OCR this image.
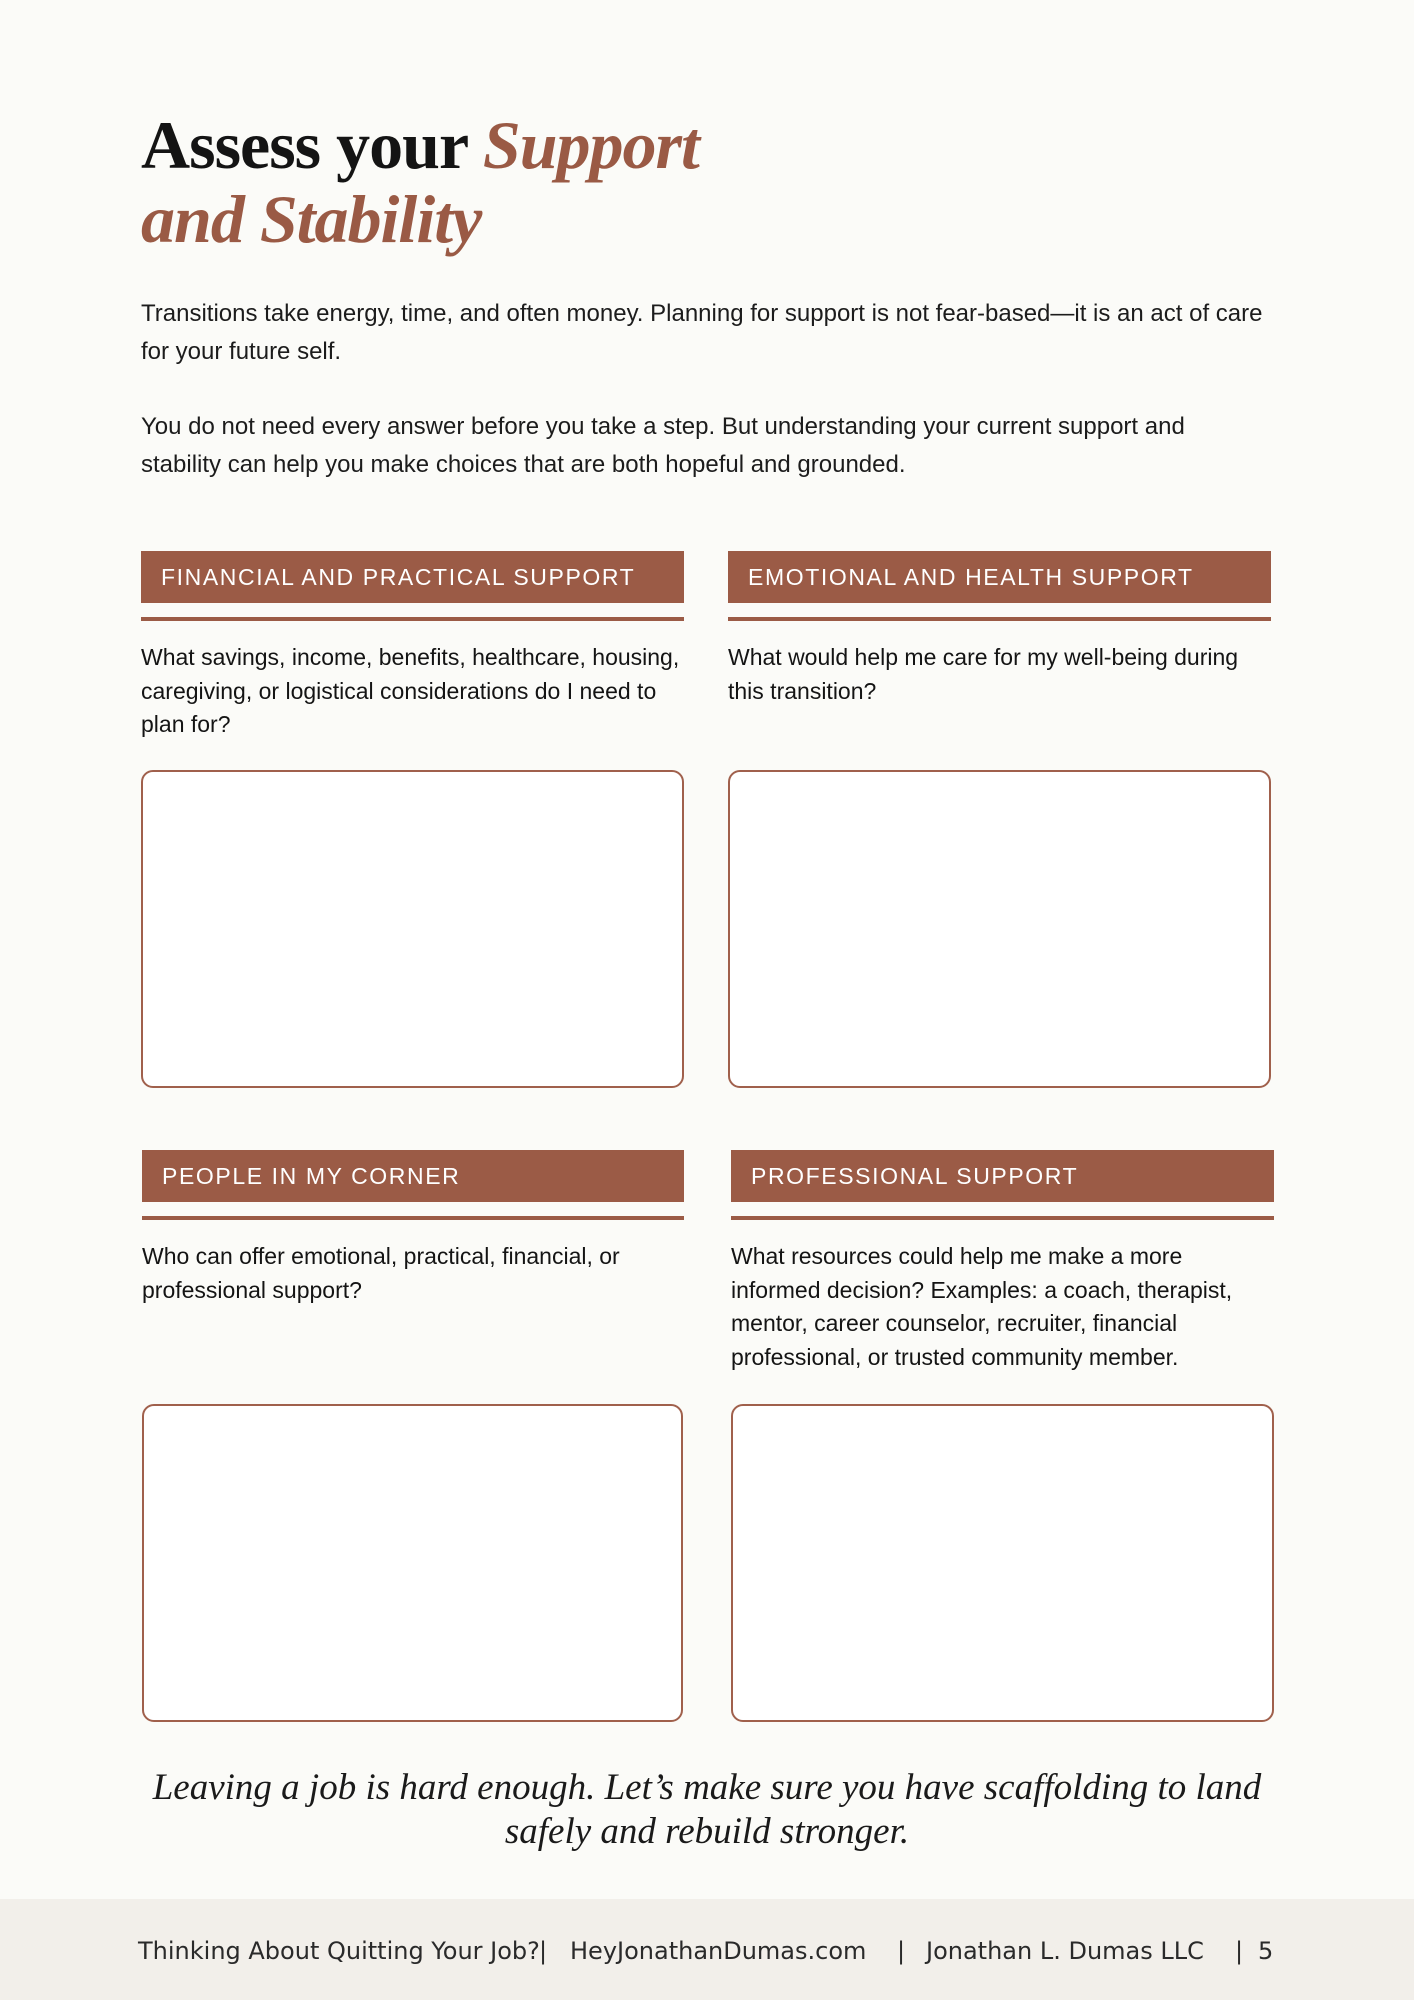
Assess your Support
and Stability

Transitions take energy, time, and often money. Planning for support is not fear-based—it is an act of care for your future self.

You do not need every answer before you take a step. But understanding your current support and stability can help you make choices that are both hopeful and grounded.

FINANCIAL AND PRACTICAL SUPPORT

What savings, income, benefits, healthcare, housing, caregiving, or logistical considerations do I need to plan for?

EMOTIONAL AND HEALTH SUPPORT

What would help me care for my well-being during this transition?

PEOPLE IN MY CORNER

Who can offer emotional, practical, financial, or professional support?

PROFESSIONAL SUPPORT

What resources could help me make a more informed decision? Examples: a coach, therapist, mentor, career counselor, recruiter, financial professional, or trusted community member.

Leaving a job is hard enough. Let’s make sure you have scaffolding to land safely and rebuild stronger.

Thinking About Quitting Your Job? | HeyJonathanDumas.com | Jonathan L. Dumas LLC | 5
